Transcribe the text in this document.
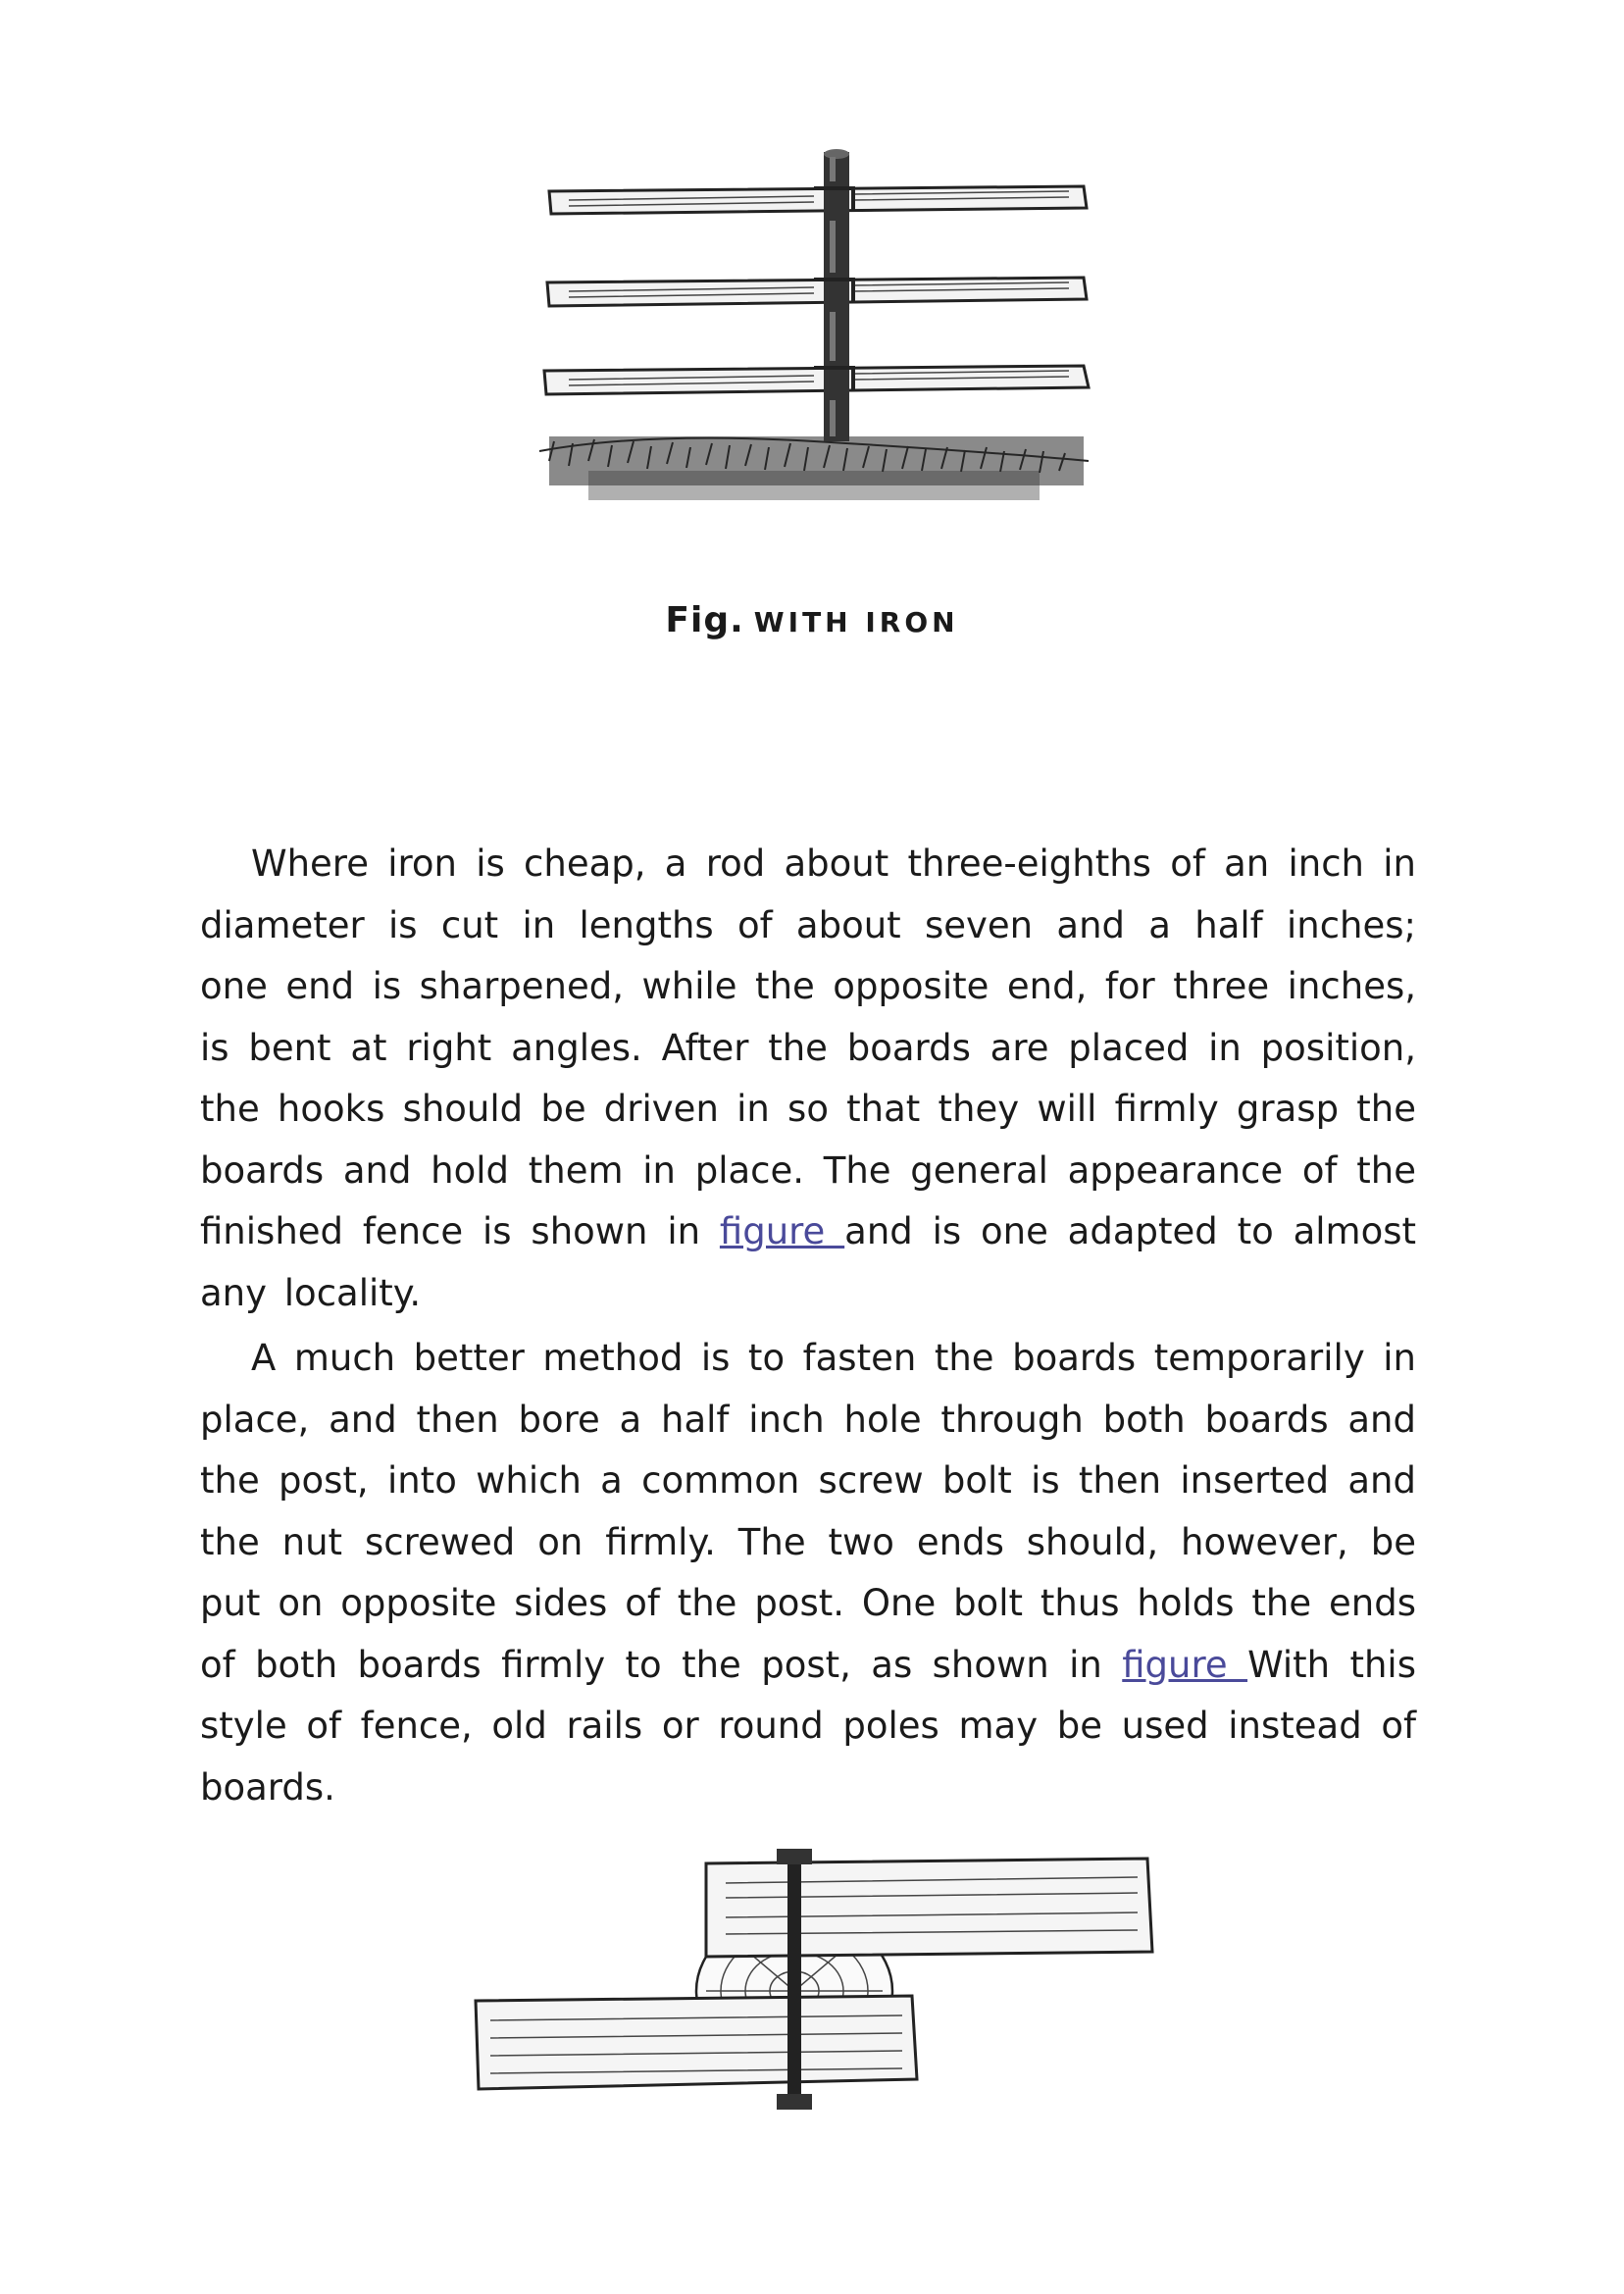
Fig. WITH IRON

Where iron is cheap, a rod about three-eighths of an inch in diameter is cut in lengths of about seven and a half inches; one end is sharpened, while the opposite end, for three inches, is bent at right angles. After the boards are placed in position, the hooks should be driven in so that they will firmly grasp the boards and hold them in place. The general appearance of the finished fence is shown in figure and is one adapted to almost any locality.

A much better method is to fasten the boards temporarily in place, and then bore a half inch hole through both boards and the post, into which a common screw bolt is then inserted and the nut screwed on firmly. The two ends should, however, be put on opposite sides of the post. One bolt thus holds the ends of both boards firmly to the post, as shown in figure With this style of fence, old rails or round poles may be used instead of boards.
